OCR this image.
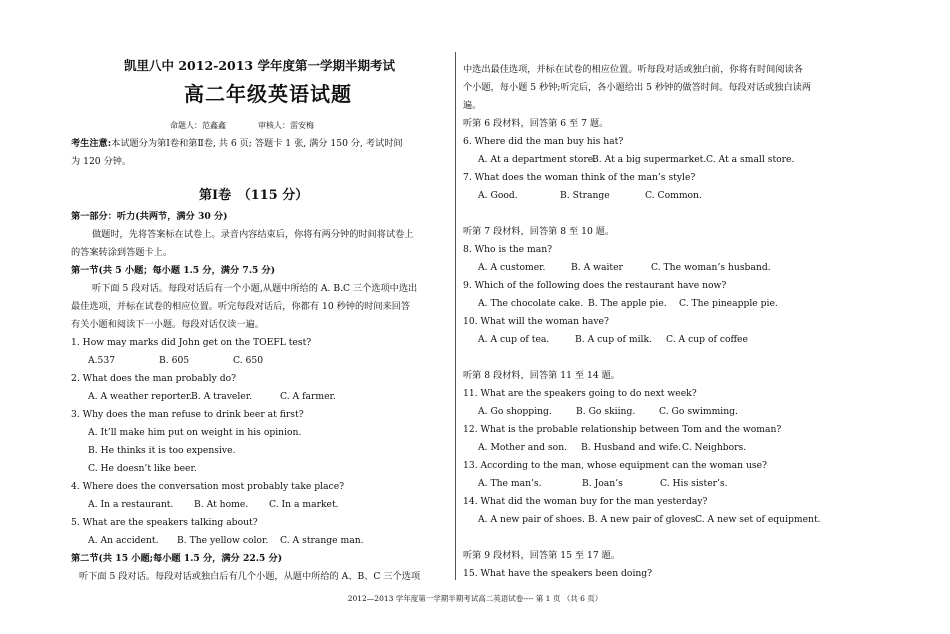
凯里八中 2012-2013 学年度第一学期半期考试
高二年级英语试题
命题人：范鑫鑫　　　　审核人：雷安梅
考生注意:本试题分为第Ⅰ卷和第Ⅱ卷, 共 6 页; 答题卡 1 张, 满分 150 分, 考试时间
为 120 分钟。
第Ⅰ卷　（115 分）
第一部分：听力(共两节，满分 30 分)
做题时，先将答案标在试卷上。录音内容结束后，你将有两分钟的时间将试卷上
的答案转涂到答题卡上。
第一节(共 5 小题；每小题 1.5 分，满分 7.5 分)
听下面 5 段对话。每段对话后有一个小题,从题中所给的 A. B.C 三个选项中选出
最佳选项，并标在试卷的相应位置。听完每段对话后，你都有 10 秒钟的时间来回答
有关小题和阅读下一小题。每段对话仅读一遍。
1. How may marks did John get on the TOEFL test?
A.537	B. 605	C. 650
2. What does the man probably do?
A. A weather reporter.
B. A traveler.	C. A farmer.
3. Why does the man refuse to drink beer at first?
A. It’ll make him put on weight in his opinion.
B. He thinks it is too expensive.
C. He doesn’t like beer.
4. Where does the conversation most probably take place?
A. In a restaurant. B. At home. C. In a market.
5. What are the speakers talking about?
A. An accident. B. The yellow color. C. A strange man.
第二节(共 15 小题;每小题 1.5 分，满分 22.5 分)
听下面 5 段对话。每段对话或独白后有几个小题，从题中所给的 A、B、C 三个选项
中选出最佳选项，并标在试卷的相应位置。听每段对话或独白前，你将有时间阅读各
个小题，每小题 5 秒钟;听完后，各小题给出 5 秒钟的做答时间。每段对话或独白读两
遍。
听第 6 段材料，回答第 6 至 7 题。
6. Where did the man buy his hat?
A. At a department store.
B. At a big supermarket. C. At a small store.
7. What does the woman think of the man’s style?
A. Good.	B. Strange	C. Common.
听第 7 段材料，回答第 8 至 10 题。
8. Who is the man?
A. A customer.	B. A waiter	C. The woman’s husband.
9. Which of the following does the restaurant have now?
A. The chocolate cake. B. The apple pie. C. The pineapple pie.
10. What will the woman have?
A. A cup of tea.	B. A cup of milk. C. A cup of coffee
听第 8 段材料，回答第 11 至 14 题。
11. What are the speakers going to do next week?
A. Go shopping.	B. Go skiing.	C. Go swimming.
12. What is the probable relationship between Tom and the woman?
A. Mother and son. B. Husband and wife. C. Neighbors.
13. According to the man, whose equipment can the woman use?
A. The man’s.	B. Joan’s	C. His sister’s.
14. What did the woman buy for the man yesterday?
A. A new pair of shoes. B. A new pair of gloves.
C. A new set of equipment.
听第 9 段材料，回答第 15 至 17 题。
15. What have the speakers been doing?
2012—2013 学年度第一学期半期考试高二英语试卷---- 第 1 页 （共 6 页）
